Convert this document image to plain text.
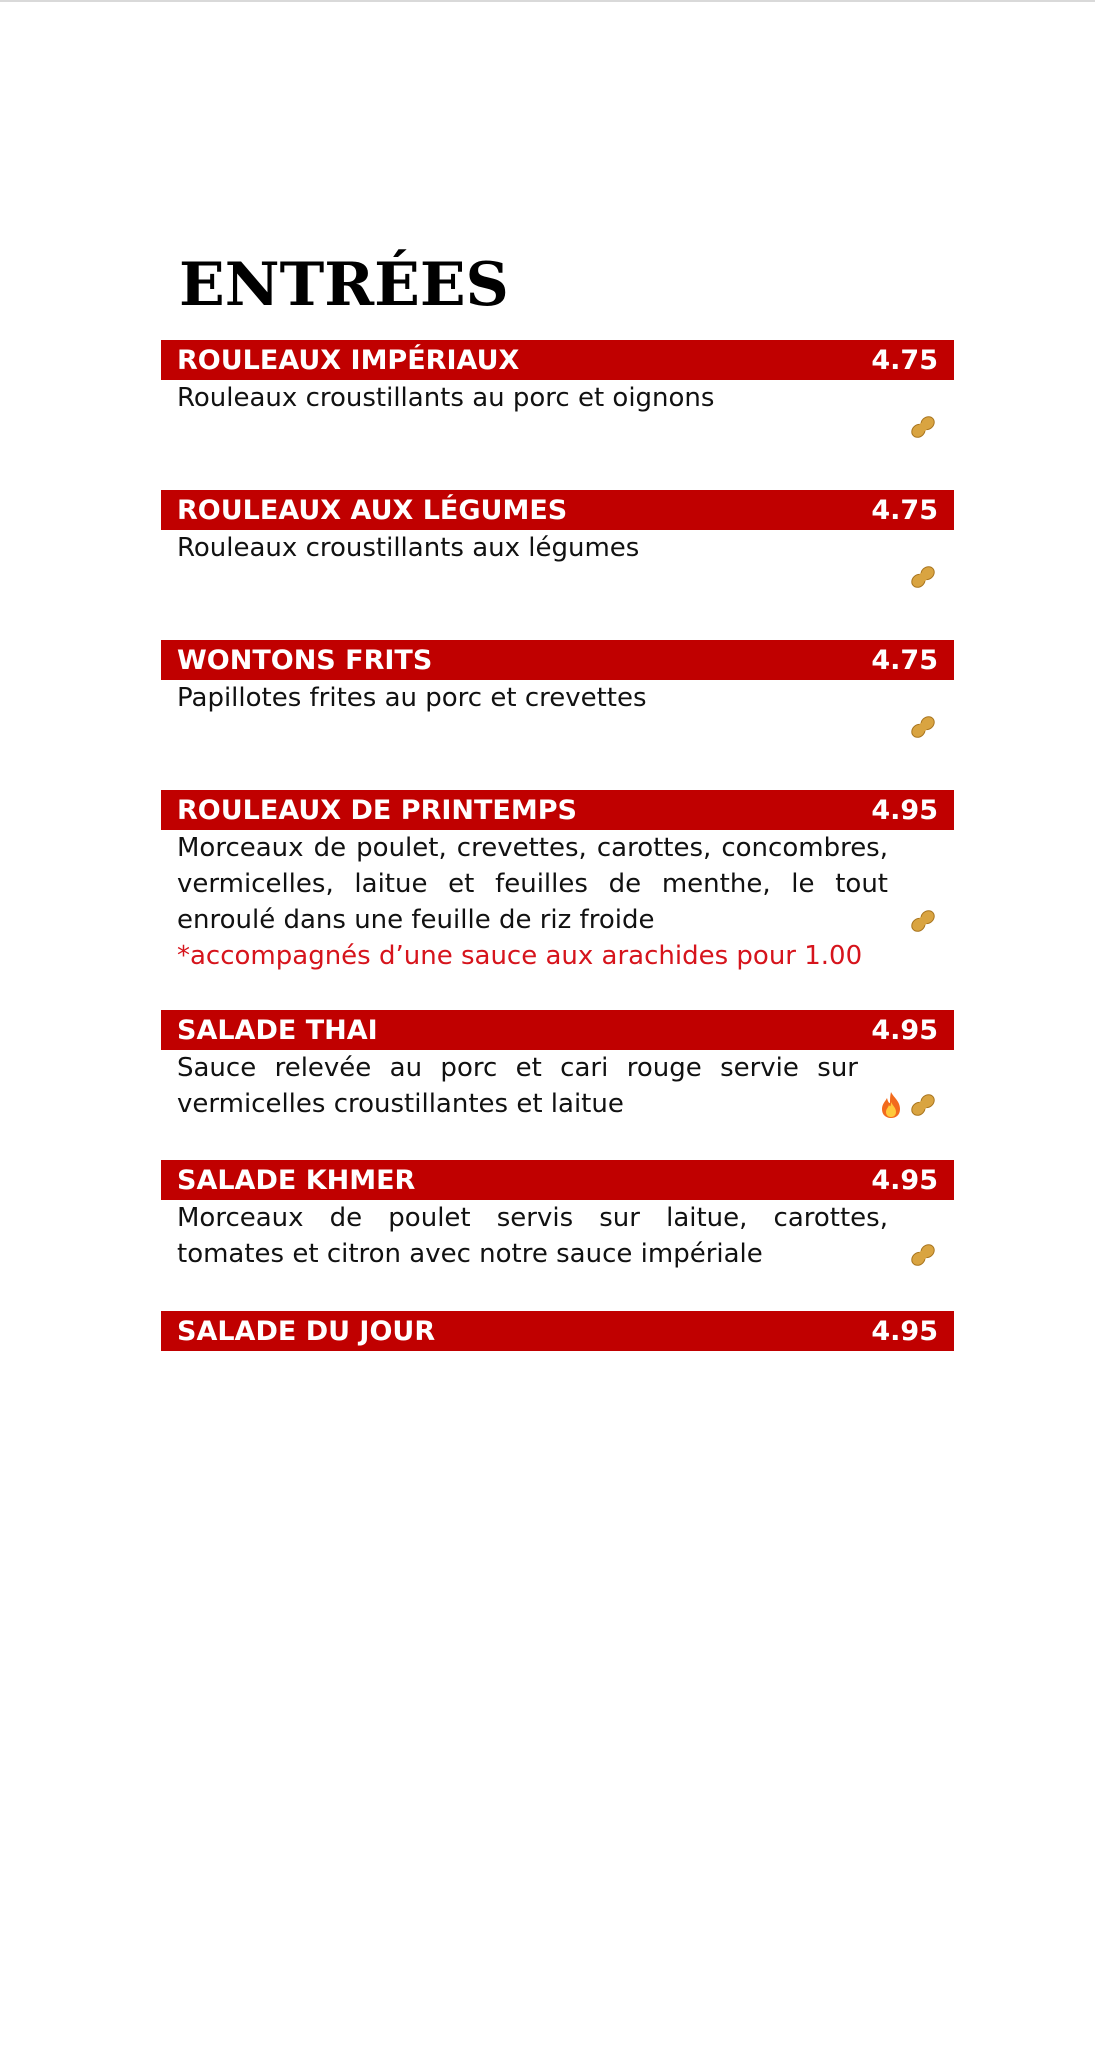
ENTRÉES
ROULEAUX IMPÉRIAUX	4.75
Rouleaux croustillants au porc et oignons
ROULEAUX AUX LÉGUMES	4.75
Rouleaux croustillants aux légumes
WONTONS FRITS	4.75
Papillotes frites au porc et crevettes
ROULEAUX DE PRINTEMPS	4.95
Morceaux de poulet, crevettes, carottes, concombres, vermicelles, laitue et feuilles de menthe, le tout enroulé dans une feuille de riz froide
*accompagnés d’une sauce aux arachides pour 1.00
SALADE THAI	4.95
Sauce relevée au porc et cari rouge servie sur vermicelles croustillantes et laitue
SALADE KHMER	4.95
Morceaux de poulet servis sur laitue, carottes, tomates et citron avec notre sauce impériale
SALADE DU JOUR	4.95
